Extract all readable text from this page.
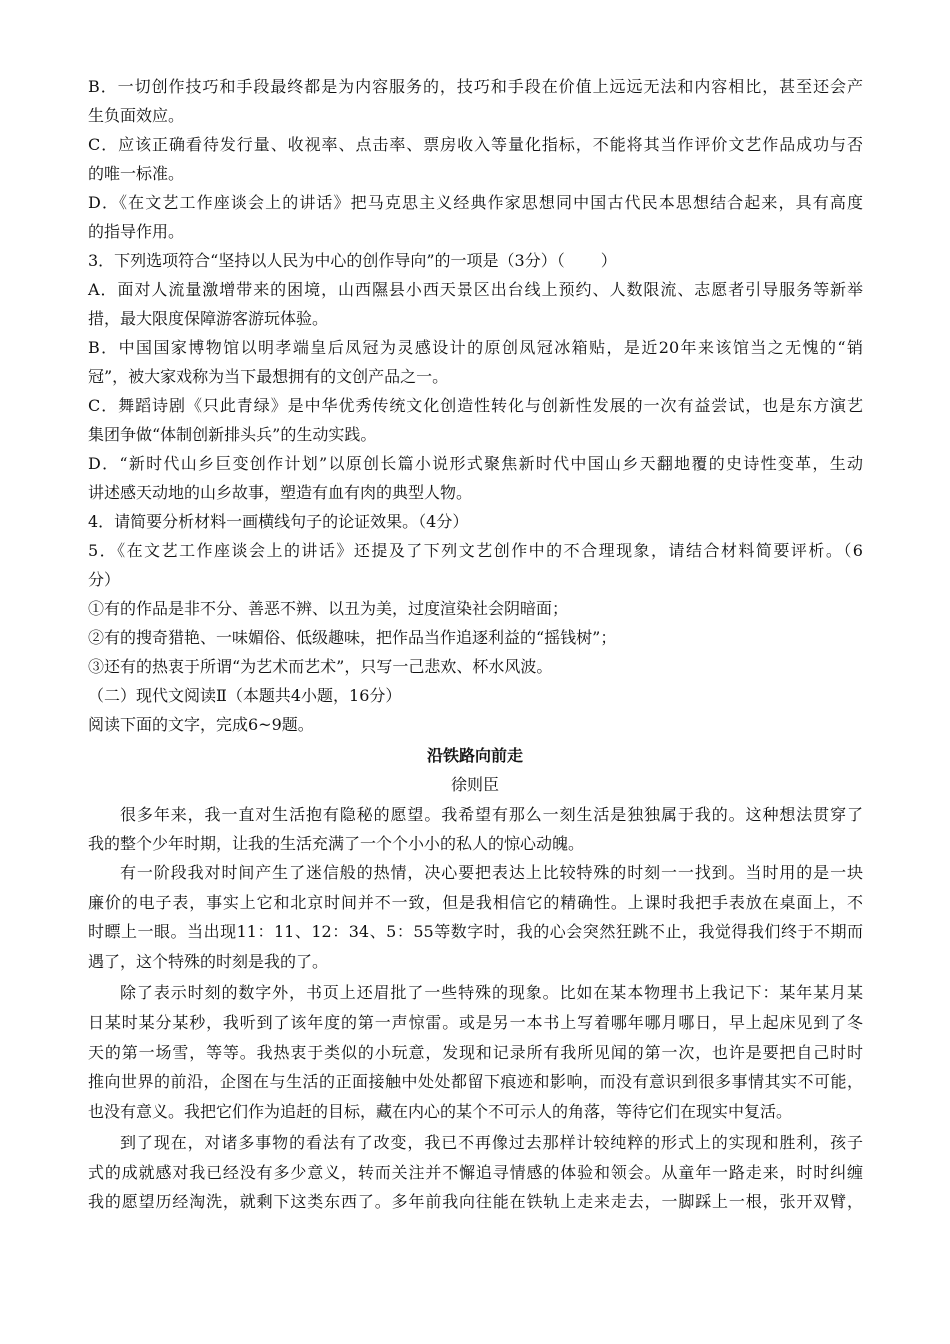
B．一切创作技巧和手段最终都是为内容服务的，技巧和手段在价值上远远无法和内容相比，甚至还会产
生负面效应。
C．应该正确看待发行量、收视率、点击率、票房收入等量化指标，不能将其当作评价文艺作品成功与否
的唯一标准。
D．《在文艺工作座谈会上的讲话》把马克思主义经典作家思想同中国古代民本思想结合起来，具有高度
的指导作用。
3．下列选项符合“坚持以人民为中心的创作导向”的一项是（3分）（ ）
A．面对人流量激增带来的困境，山西隰县小西天景区出台线上预约、人数限流、志愿者引导服务等新举
措，最大限度保障游客游玩体验。
B．中国国家博物馆以明孝端皇后凤冠为灵感设计的原创凤冠冰箱贴，是近20年来该馆当之无愧的“销
冠”，被大家戏称为当下最想拥有的文创产品之一。
C．舞蹈诗剧《只此青绿》是中华优秀传统文化创造性转化与创新性发展的一次有益尝试，也是东方演艺
集团争做“体制创新排头兵”的生动实践。
D．“新时代山乡巨变创作计划”以原创长篇小说形式聚焦新时代中国山乡天翻地覆的史诗性变革，生动
讲述感天动地的山乡故事，塑造有血有肉的典型人物。
4．请简要分析材料一画横线句子的论证效果。（4分）
5．《在文艺工作座谈会上的讲话》还提及了下列文艺创作中的不合理现象，请结合材料简要评析。（6
分）
①有的作品是非不分、善恶不辨、以丑为美，过度渲染社会阴暗面；
②有的搜奇猎艳、一味媚俗、低级趣味，把作品当作追逐利益的“摇钱树”；
③还有的热衷于所谓“为艺术而艺术”，只写一己悲欢、杯水风波。
（二）现代文阅读Ⅱ（本题共4小题，16分）
阅读下面的文字，完成6~9题。
沿铁路向前走
徐则臣
很多年来，我一直对生活抱有隐秘的愿望。我希望有那么一刻生活是独独属于我的。这种想法贯穿了
我的整个少年时期，让我的生活充满了一个个小小的私人的惊心动魄。
有一阶段我对时间产生了迷信般的热情，决心要把表达上比较特殊的时刻一一找到。当时用的是一块
廉价的电子表，事实上它和北京时间并不一致，但是我相信它的精确性。上课时我把手表放在桌面上，不
时瞟上一眼。当出现11：11、12：34、5：55等数字时，我的心会突然狂跳不止，我觉得我们终于不期而
遇了，这个特殊的时刻是我的了。
除了表示时刻的数字外，书页上还眉批了一些特殊的现象。比如在某本物理书上我记下：某年某月某
日某时某分某秒，我听到了该年度的第一声惊雷。或是另一本书上写着哪年哪月哪日，早上起床见到了冬
天的第一场雪，等等。我热衷于类似的小玩意，发现和记录所有我所见闻的第一次，也许是要把自己时时
推向世界的前沿，企图在与生活的正面接触中处处都留下痕迹和影响，而没有意识到很多事情其实不可能，
也没有意义。我把它们作为追赶的目标，藏在内心的某个不可示人的角落，等待它们在现实中复活。
到了现在，对诸多事物的看法有了改变，我已不再像过去那样计较纯粹的形式上的实现和胜利，孩子
式的成就感对我已经没有多少意义，转而关注并不懈追寻情感的体验和领会。从童年一路走来，时时纠缠
我的愿望历经淘洗，就剩下这类东西了。多年前我向往能在铁轨上走来走去，一脚踩上一根，张开双臂，
